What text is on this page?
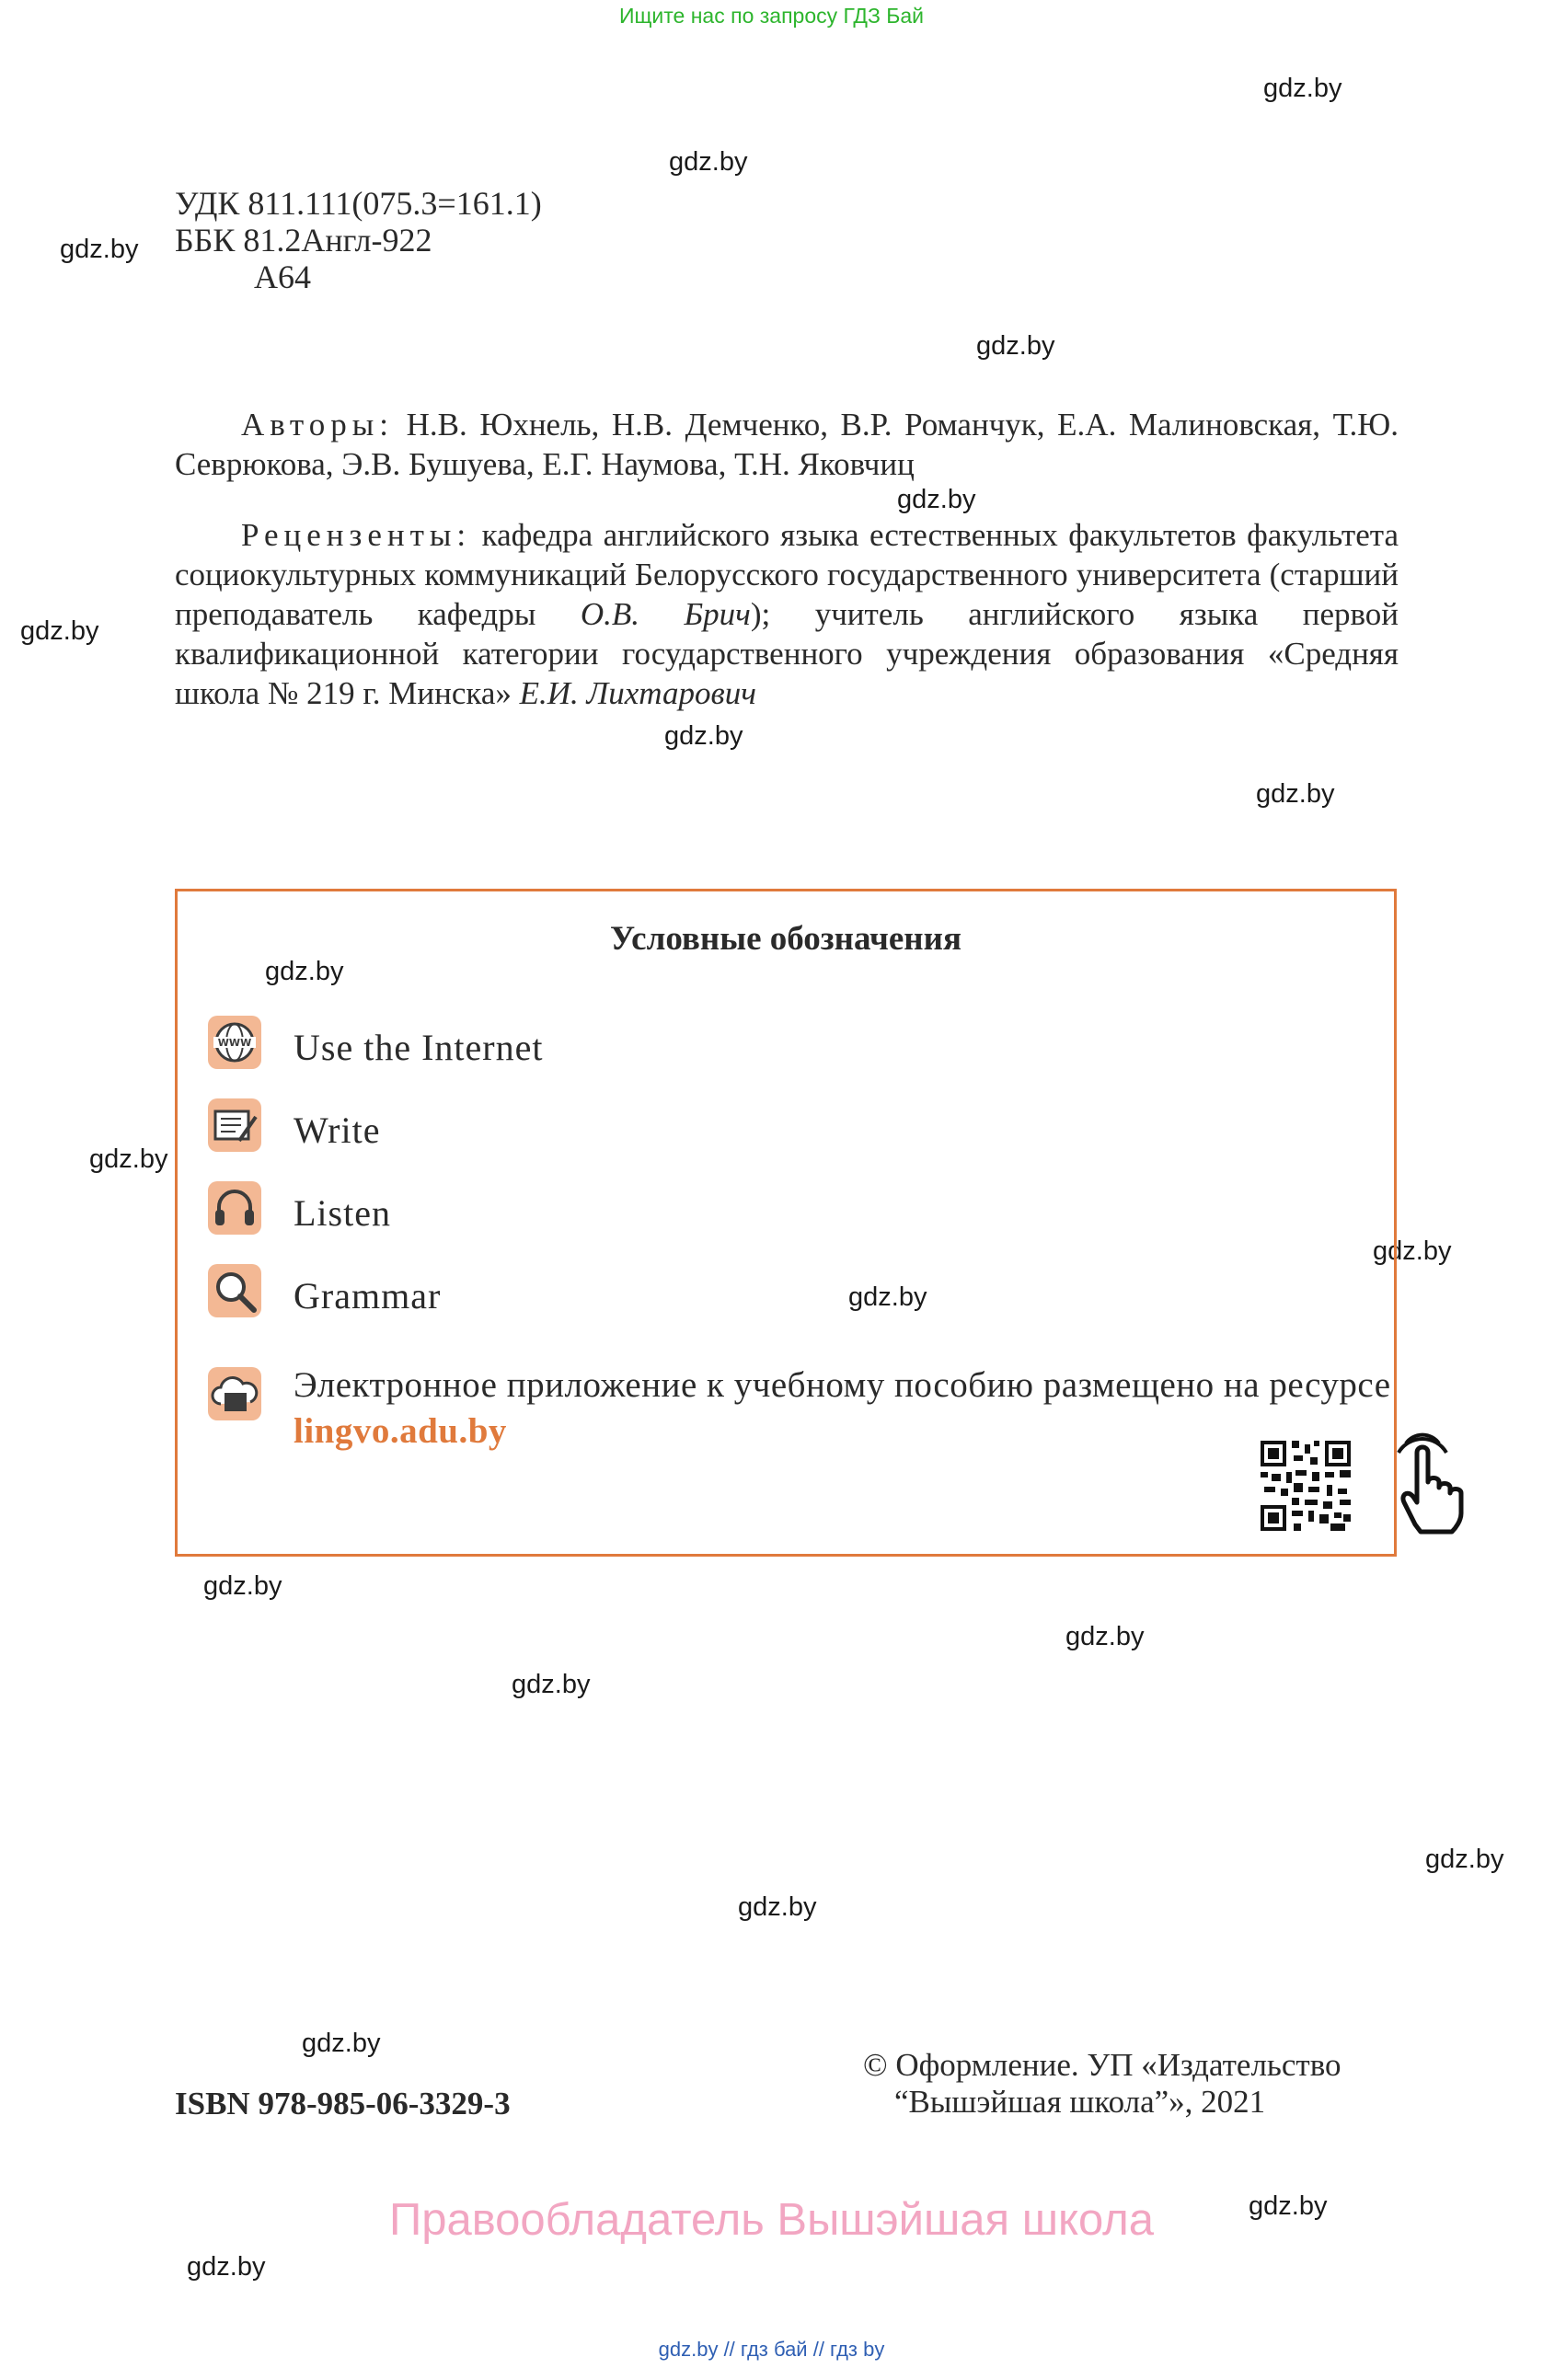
Ищите нас по запросу ГДЗ Бай
gdz.by
gdz.by
gdz.by
gdz.by
gdz.by
gdz.by
gdz.by
gdz.by
gdz.by
gdz.by
gdz.by
gdz.by
gdz.by
gdz.by
gdz.by
gdz.by
gdz.by
gdz.by
gdz.by
gdz.by
УДК 811.111(075.3=161.1)
ББК 81.2Англ-922
А64

Авторы: Н.В. Юхнель, Н.В. Демченко, В.Р. Романчук, Е.А. Малиновская, Т.Ю. Севрюкова, Э.В. Бушуева, Е.Г. Наумова, Т.Н. Яковчиц

Рецензенты: кафедра английского языка естественных факультетов факультета социокультурных коммуникаций Белорусского государственного университета (старший преподаватель кафедры О.В. Брич); учитель английского языка первой квалификационной категории государственного учреждения образования «Средняя школа № 219 г. Минска» Е.И. Лихтарович

Условные обозначения
WWW Use the Internet
Write
Listen
Grammar
Электронное приложение к учебному пособию размещено на ресурсе lingvo.adu.by
ISBN 978-985-06-3329-3
© Оформление. УП «Издательство
“Вышэйшая школа”», 2021
Правообладатель Вышэйшая школа
gdz.by // гдз бай // гдз by
